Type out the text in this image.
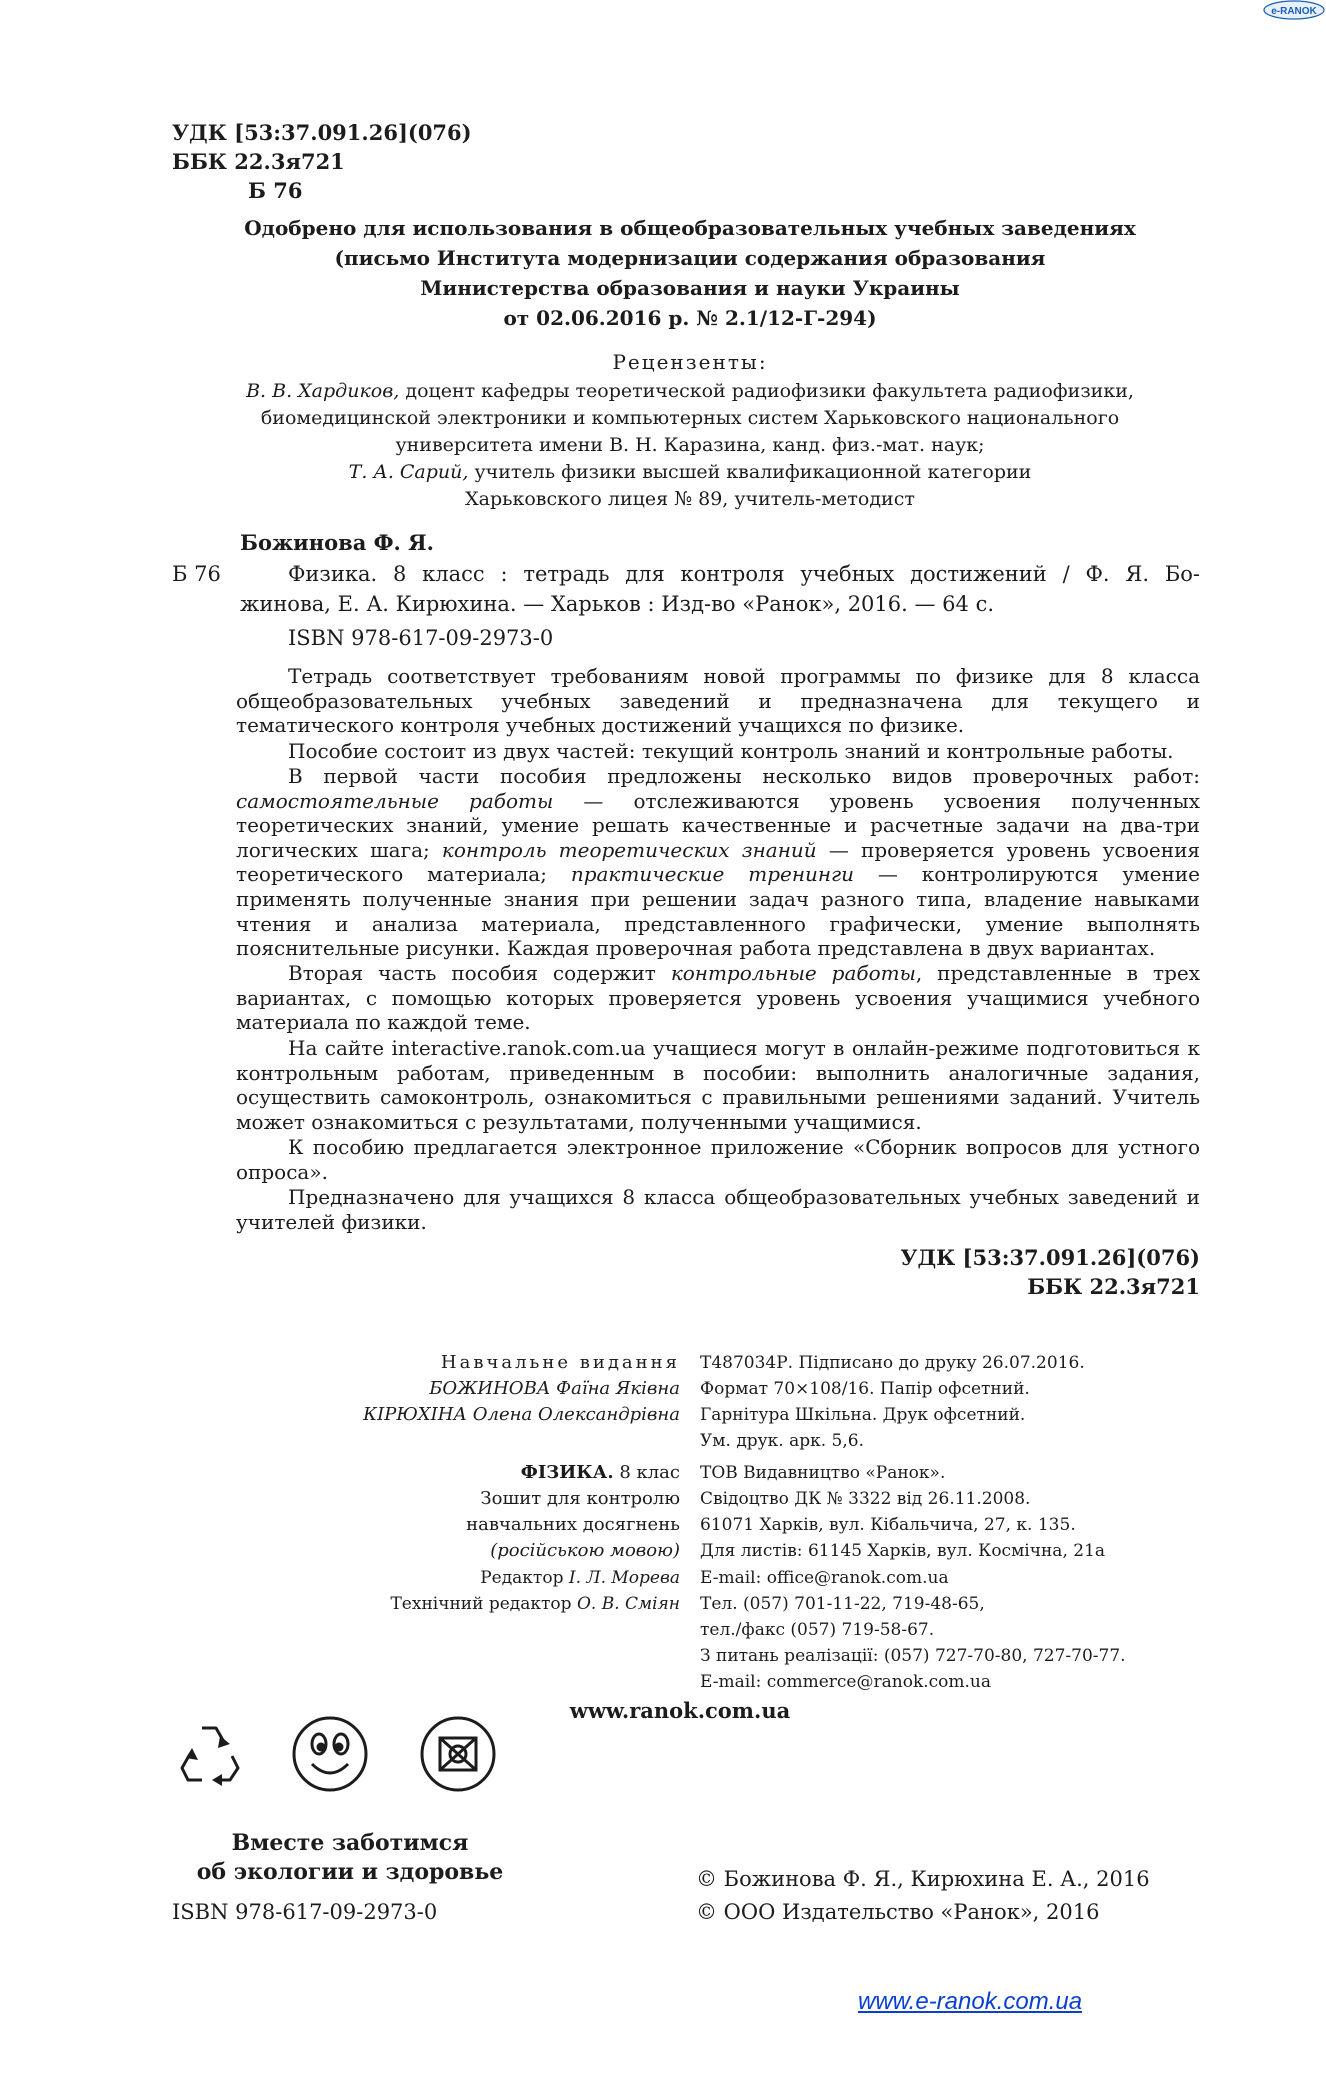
e-RANOK
УДК [53:37.091.26](076)
ББК 22.3я721
Б 76
Одобрено для использования в общеобразовательных учебных заведениях
(письмо Института модернизации содержания образования
Министерства образования и науки Украины
от 02.06.2016 р. № 2.1/12-Г-294)
Рецензенты:
В. В. Хардиков, доцент кафедры теоретической радиофизики факультета радиофизики,
биомедицинской электроники и компьютерных систем Харьковского национального
университета имени В. Н. Каразина, канд. физ.-мат. наук;
Т. А. Сарий, учитель физики высшей квалификационной категории
Харьковского лицея № 89, учитель-методист
Божинова Ф. Я.
Б 76	Физика. 8 класс : тетрадь для контроля учебных достижений / Ф. Я. Бо-
жинова, Е. А. Кирюхина. — Харьков : Изд-во «Ранок», 2016. — 64 с.
ISBN 978-617-09-2973-0

Тетрадь соответствует требованиям новой программы по физике для 8 класса общеобразовательных учебных заведений и предназначена для текущего и тематического контроля учебных достижений учащихся по физике.

Пособие состоит из двух частей: текущий контроль знаний и контрольные работы.

В первой части пособия предложены несколько видов проверочных работ: самостоятельные работы — отслеживаются уровень усвоения полученных теоретических знаний, умение решать качественные и расчетные задачи на два-три логических шага; контроль теоретических знаний — проверяется уровень усвоения теоретического материала; практические тренинги — контролируются умение применять полученные знания при решении задач разного типа, владение навыками чтения и анализа материала, представленного графически, умение выполнять пояснительные рисунки. Каждая проверочная работа представлена в двух вариантах.

Вторая часть пособия содержит контрольные работы, представленные в трех вариантах, с помощью которых проверяется уровень усвоения учащимися учебного материала по каждой теме.

На сайте interactive.ranok.com.ua учащиеся могут в онлайн-режиме подготовиться к контрольным работам, приведенным в пособии: выполнить аналогичные задания, осуществить самоконтроль, ознакомиться с правильными решениями заданий. Учитель может ознакомиться с результатами, полученными учащимися.

К пособию предлагается электронное приложение «Сборник вопросов для устного опроса».

Предназначено для учащихся 8 класса общеобразовательных учебных заведений и учителей физики.

УДК [53:37.091.26](076)
ББК 22.3я721
Навчальне видання
БОЖИНОВА Фаїна Яківна
КІРЮХІНА Олена Олександрівна
ФІЗИКА. 8 клас
Зошит для контролю
навчальних досягнень
(російською мовою)
Редактор І. Л. Морева
Технічний редактор О. В. Сміян
Т487034Р. Підписано до друку 26.07.2016.
Формат 70×108/16. Папір офсетний.
Гарнітура Шкільна. Друк офсетний.
Ум. друк. арк. 5,6.
ТОВ Видавництво «Ранок».
Свідоцтво ДК № 3322 від 26.11.2008.
61071 Харків, вул. Кібальчича, 27, к. 135.
Для листів: 61145 Харків, вул. Космічна, 21а
E-mail: office@ranok.com.ua
Тел. (057) 701-11-22, 719-48-65,
тел./факс (057) 719-58-67.
З питань реалізації: (057) 727-70-80, 727-70-77.
E-mail: commerce@ranok.com.ua
www.ranok.com.ua
Вместе заботимся
об экологии и здоровье
ISBN 978-617-09-2973-0
© Божинова Ф. Я., Кирюхина Е. А., 2016
© ООО Издательство «Ранок», 2016
www.e-ranok.com.ua
